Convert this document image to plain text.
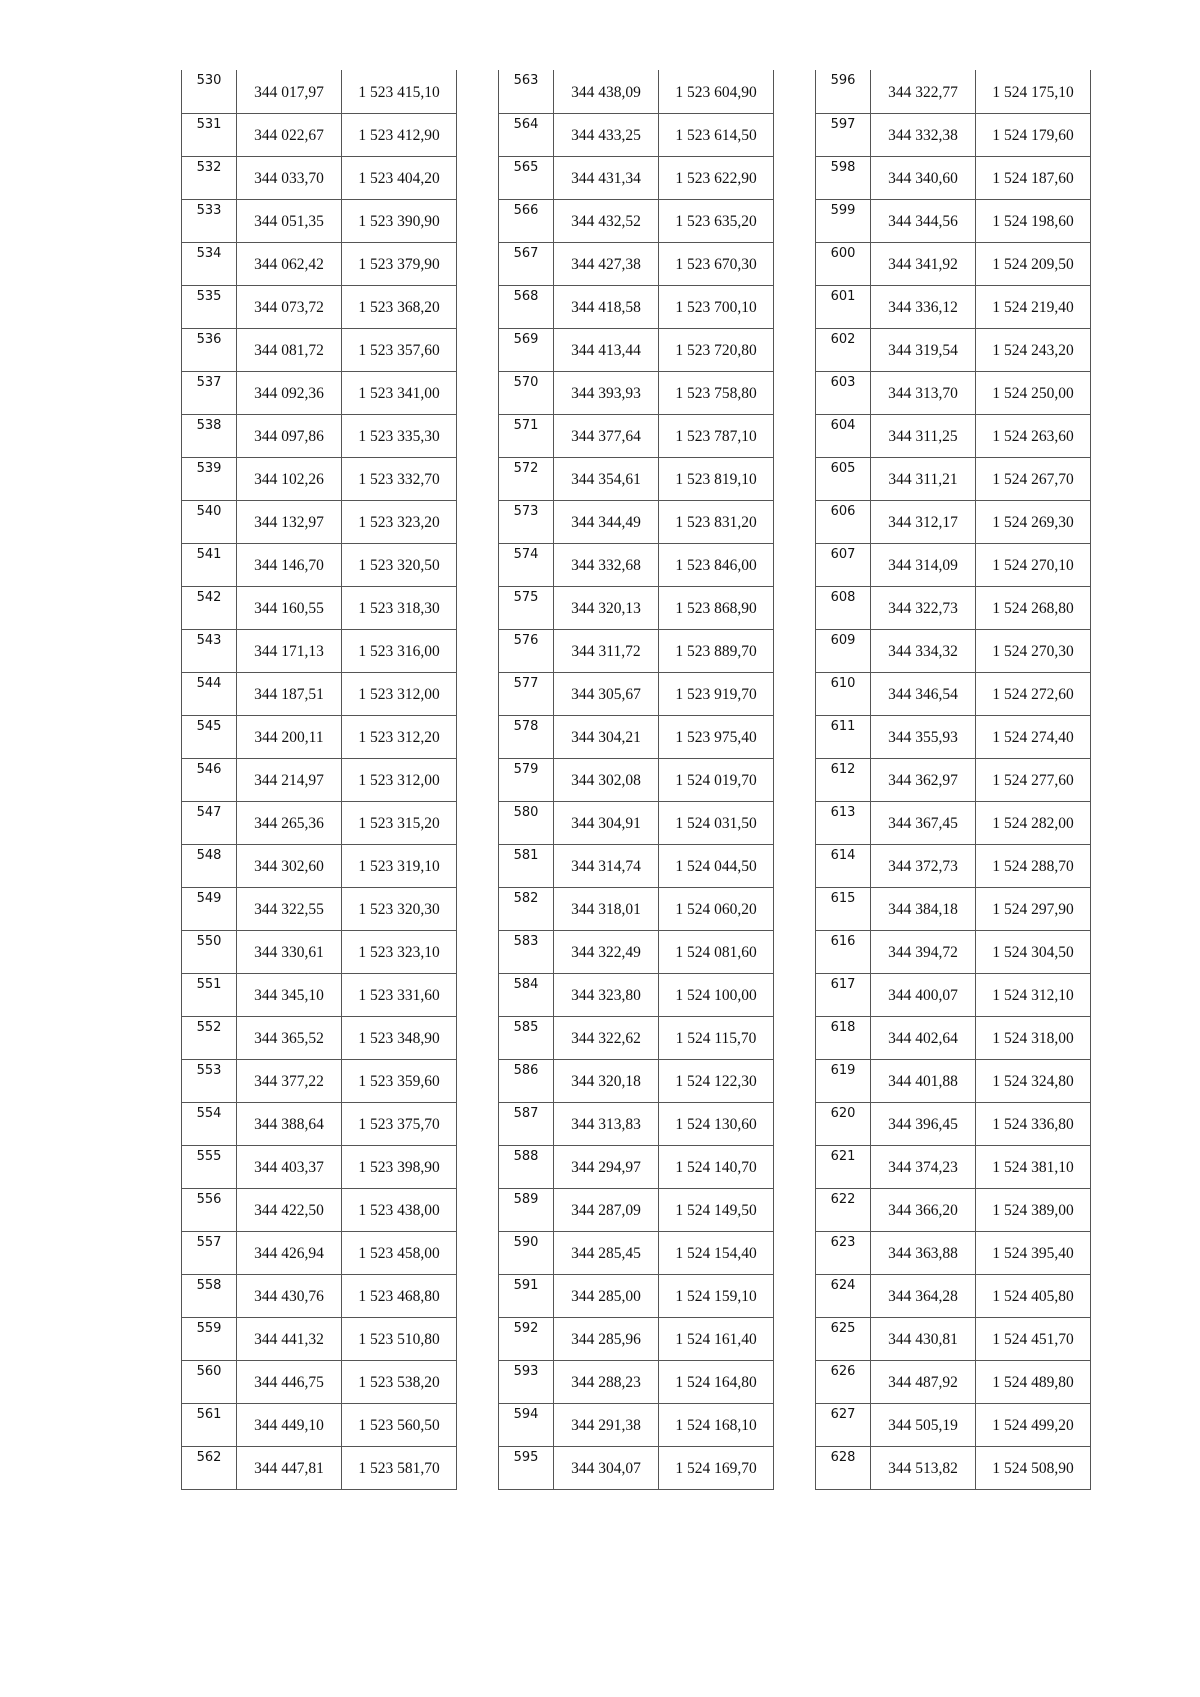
530	344 017,97	1 523 415,10
531	344 022,67	1 523 412,90
532	344 033,70	1 523 404,20
533	344 051,35	1 523 390,90
534	344 062,42	1 523 379,90
535	344 073,72	1 523 368,20
536	344 081,72	1 523 357,60
537	344 092,36	1 523 341,00
538	344 097,86	1 523 335,30
539	344 102,26	1 523 332,70
540	344 132,97	1 523 323,20
541	344 146,70	1 523 320,50
542	344 160,55	1 523 318,30
543	344 171,13	1 523 316,00
544	344 187,51	1 523 312,00
545	344 200,11	1 523 312,20
546	344 214,97	1 523 312,00
547	344 265,36	1 523 315,20
548	344 302,60	1 523 319,10
549	344 322,55	1 523 320,30
550	344 330,61	1 523 323,10
551	344 345,10	1 523 331,60
552	344 365,52	1 523 348,90
553	344 377,22	1 523 359,60
554	344 388,64	1 523 375,70
555	344 403,37	1 523 398,90
556	344 422,50	1 523 438,00
557	344 426,94	1 523 458,00
558	344 430,76	1 523 468,80
559	344 441,32	1 523 510,80
560	344 446,75	1 523 538,20
561	344 449,10	1 523 560,50
562	344 447,81	1 523 581,70
563	344 438,09	1 523 604,90
564	344 433,25	1 523 614,50
565	344 431,34	1 523 622,90
566	344 432,52	1 523 635,20
567	344 427,38	1 523 670,30
568	344 418,58	1 523 700,10
569	344 413,44	1 523 720,80
570	344 393,93	1 523 758,80
571	344 377,64	1 523 787,10
572	344 354,61	1 523 819,10
573	344 344,49	1 523 831,20
574	344 332,68	1 523 846,00
575	344 320,13	1 523 868,90
576	344 311,72	1 523 889,70
577	344 305,67	1 523 919,70
578	344 304,21	1 523 975,40
579	344 302,08	1 524 019,70
580	344 304,91	1 524 031,50
581	344 314,74	1 524 044,50
582	344 318,01	1 524 060,20
583	344 322,49	1 524 081,60
584	344 323,80	1 524 100,00
585	344 322,62	1 524 115,70
586	344 320,18	1 524 122,30
587	344 313,83	1 524 130,60
588	344 294,97	1 524 140,70
589	344 287,09	1 524 149,50
590	344 285,45	1 524 154,40
591	344 285,00	1 524 159,10
592	344 285,96	1 524 161,40
593	344 288,23	1 524 164,80
594	344 291,38	1 524 168,10
595	344 304,07	1 524 169,70
596	344 322,77	1 524 175,10
597	344 332,38	1 524 179,60
598	344 340,60	1 524 187,60
599	344 344,56	1 524 198,60
600	344 341,92	1 524 209,50
601	344 336,12	1 524 219,40
602	344 319,54	1 524 243,20
603	344 313,70	1 524 250,00
604	344 311,25	1 524 263,60
605	344 311,21	1 524 267,70
606	344 312,17	1 524 269,30
607	344 314,09	1 524 270,10
608	344 322,73	1 524 268,80
609	344 334,32	1 524 270,30
610	344 346,54	1 524 272,60
611	344 355,93	1 524 274,40
612	344 362,97	1 524 277,60
613	344 367,45	1 524 282,00
614	344 372,73	1 524 288,70
615	344 384,18	1 524 297,90
616	344 394,72	1 524 304,50
617	344 400,07	1 524 312,10
618	344 402,64	1 524 318,00
619	344 401,88	1 524 324,80
620	344 396,45	1 524 336,80
621	344 374,23	1 524 381,10
622	344 366,20	1 524 389,00
623	344 363,88	1 524 395,40
624	344 364,28	1 524 405,80
625	344 430,81	1 524 451,70
626	344 487,92	1 524 489,80
627	344 505,19	1 524 499,20
628	344 513,82	1 524 508,90
